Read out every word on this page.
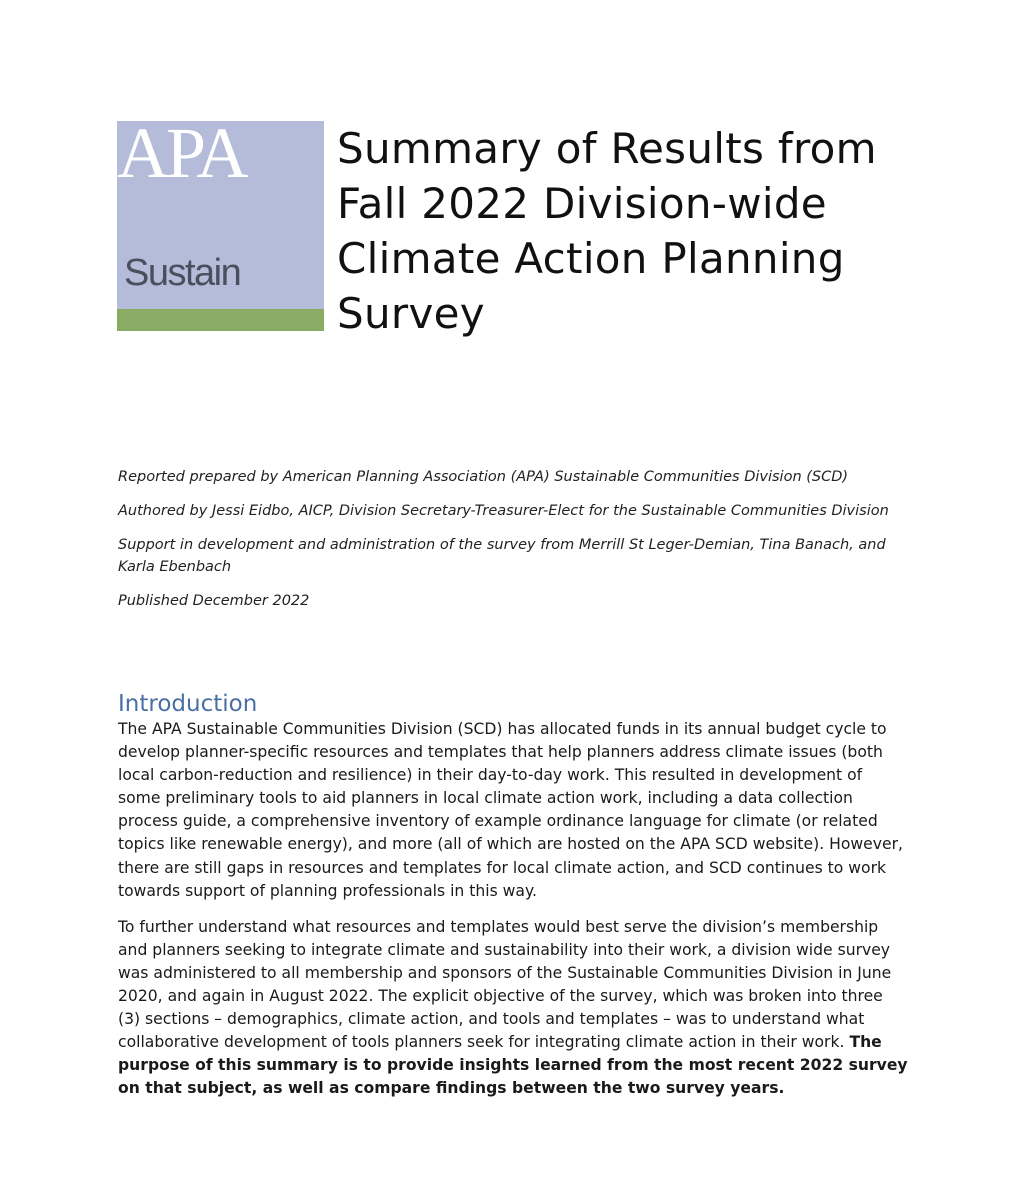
APA
Sustain
Summary of Results from Fall 2022 Division-wide Climate Action Planning Survey

Reported prepared by American Planning Association (APA) Sustainable Communities Division (SCD)

Authored by Jessi Eidbo, AICP, Division Secretary-Treasurer-Elect for the Sustainable Communities Division

Support in development and administration of the survey from Merrill St Leger-Demian, Tina Banach, and Karla Ebenbach

Published December 2022

Introduction

The APA Sustainable Communities Division (SCD) has allocated funds in its annual budget cycle to develop planner-specific resources and templates that help planners address climate issues (both local carbon-reduction and resilience) in their day-to-day work. This resulted in development of some preliminary tools to aid planners in local climate action work, including a data collection process guide, a comprehensive inventory of example ordinance language for climate (or related topics like renewable energy), and more (all of which are hosted on the APA SCD website). However, there are still gaps in resources and templates for local climate action, and SCD continues to work towards support of planning professionals in this way.

To further understand what resources and templates would best serve the division’s membership and planners seeking to integrate climate and sustainability into their work, a division wide survey was administered to all membership and sponsors of the Sustainable Communities Division in June 2020, and again in August 2022. The explicit objective of the survey, which was broken into three (3) sections – demographics, climate action, and tools and templates – was to understand what collaborative development of tools planners seek for integrating climate action in their work. The purpose of this summary is to provide insights learned from the most recent 2022 survey on that subject, as well as compare findings between the two survey years.
